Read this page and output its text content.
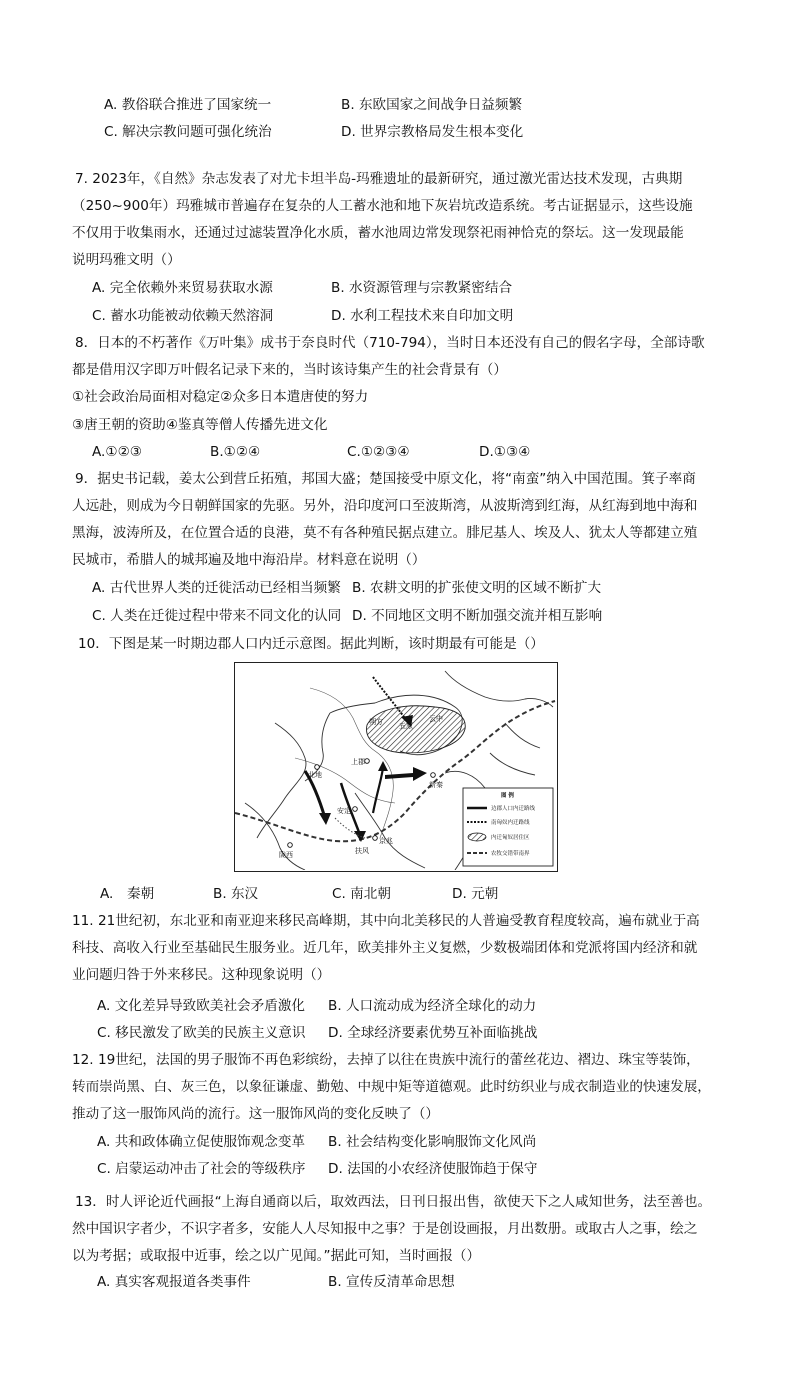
A. 教俗联合推进了国家统一	B. 东欧国家之间战争日益频繁
C. 解决宗教问题可强化统治	D. 世界宗教格局发生根本变化
7. 2023年，《自然》杂志发表了对尤卡坦半岛-玛雅遗址的最新研究，通过激光雷达技术发现，古典期
（250~900年）玛雅城市普遍存在复杂的人工蓄水池和地下灰岩坑改造系统。考古证据显示，这些设施
不仅用于收集雨水，还通过过滤装置净化水质，蓄水池周边常发现祭祀雨神恰克的祭坛。这一发现最能
说明玛雅文明（）
A. 完全依赖外来贸易获取水源	B. 水资源管理与宗教紧密结合
C. 蓄水功能被动依赖天然溶洞	D. 水利工程技术来自印加文明
8．日本的不朽著作《万叶集》成书于奈良时代（710-794），当时日本还没有自己的假名字母，全部诗歌
都是借用汉字即万叶假名记录下来的，当时该诗集产生的社会背景有（）
①社会政治局面相对稳定②众多日本遣唐使的努力
③唐王朝的资助④鉴真等僧人传播先进文化
A.①②③	B.①②④	C.①②③④	D.①③④
9．据史书记载，姜太公到营丘拓殖，邦国大盛；楚国接受中原文化，将“南蛮”纳入中国范围。箕子率商
人远赴，则成为今日朝鲜国家的先驱。另外，沿印度河口至波斯湾，从波斯湾到红海，从红海到地中海和
黑海，波涛所及，在位置合适的良港，莫不有各种殖民据点建立。腓尼基人、埃及人、犹太人等都建立殖
民城市，希腊人的城邦遍及地中海沿岸。材料意在说明（）
A. 古代世界人类的迁徙活动已经相当频繁 B. 农耕文明的扩张使文明的区域不断扩大
C. 人类在迁徙过程中带来不同文化的认同 D. 不同地区文明不断加强交流并相互影响
10．下图是某一时期边郡人口内迁示意图。据此判断，该时期最有可能是（）
朔方 五原
云中
上郡
新秦
北地
安定
陇西	扶风
京兆
图 例
边郡人口内迁路线
南匈奴内迁路线
内迁匈奴居住区
农牧交错带南界
A.　秦朝	B. 东汉	C. 南北朝	D. 元朝
11. 21世纪初，东北亚和南亚迎来移民高峰期，其中向北美移民的人普遍受教育程度较高，遍布就业于高
科技、高收入行业至基础民生服务业。近几年，欧美排外主义复燃，少数极端团体和党派将国内经济和就
业问题归咎于外来移民。这种现象说明（）
A. 文化差异导致欧美社会矛盾激化 B. 人口流动成为经济全球化的动力
C. 移民激发了欧美的民族主义意识 D. 全球经济要素优势互补面临挑战
12. 19世纪，法国的男子服饰不再色彩缤纷，去掉了以往在贵族中流行的蕾丝花边、褶边、珠宝等装饰，
转而崇尚黑、白、灰三色，以象征谦虚、勤勉、中规中矩等道德观。此时纺织业与成衣制造业的快速发展，
推动了这一服饰风尚的流行。这一服饰风尚的变化反映了（）
A. 共和政体确立促使服饰观念变革 B. 社会结构变化影响服饰文化风尚
C. 启蒙运动冲击了社会的等级秩序 D. 法国的小农经济使服饰趋于保守
13．时人评论近代画报“上海自通商以后，取效西法，日刊日报出售，欲使天下之人咸知世务，法至善也。
然中国识字者少，不识字者多，安能人人尽知报中之事？于是创设画报，月出数册。或取古人之事，绘之
以为考据；或取报中近事，绘之以广见闻。”据此可知，当时画报（）
A. 真实客观报道各类事件	B. 宣传反清革命思想
